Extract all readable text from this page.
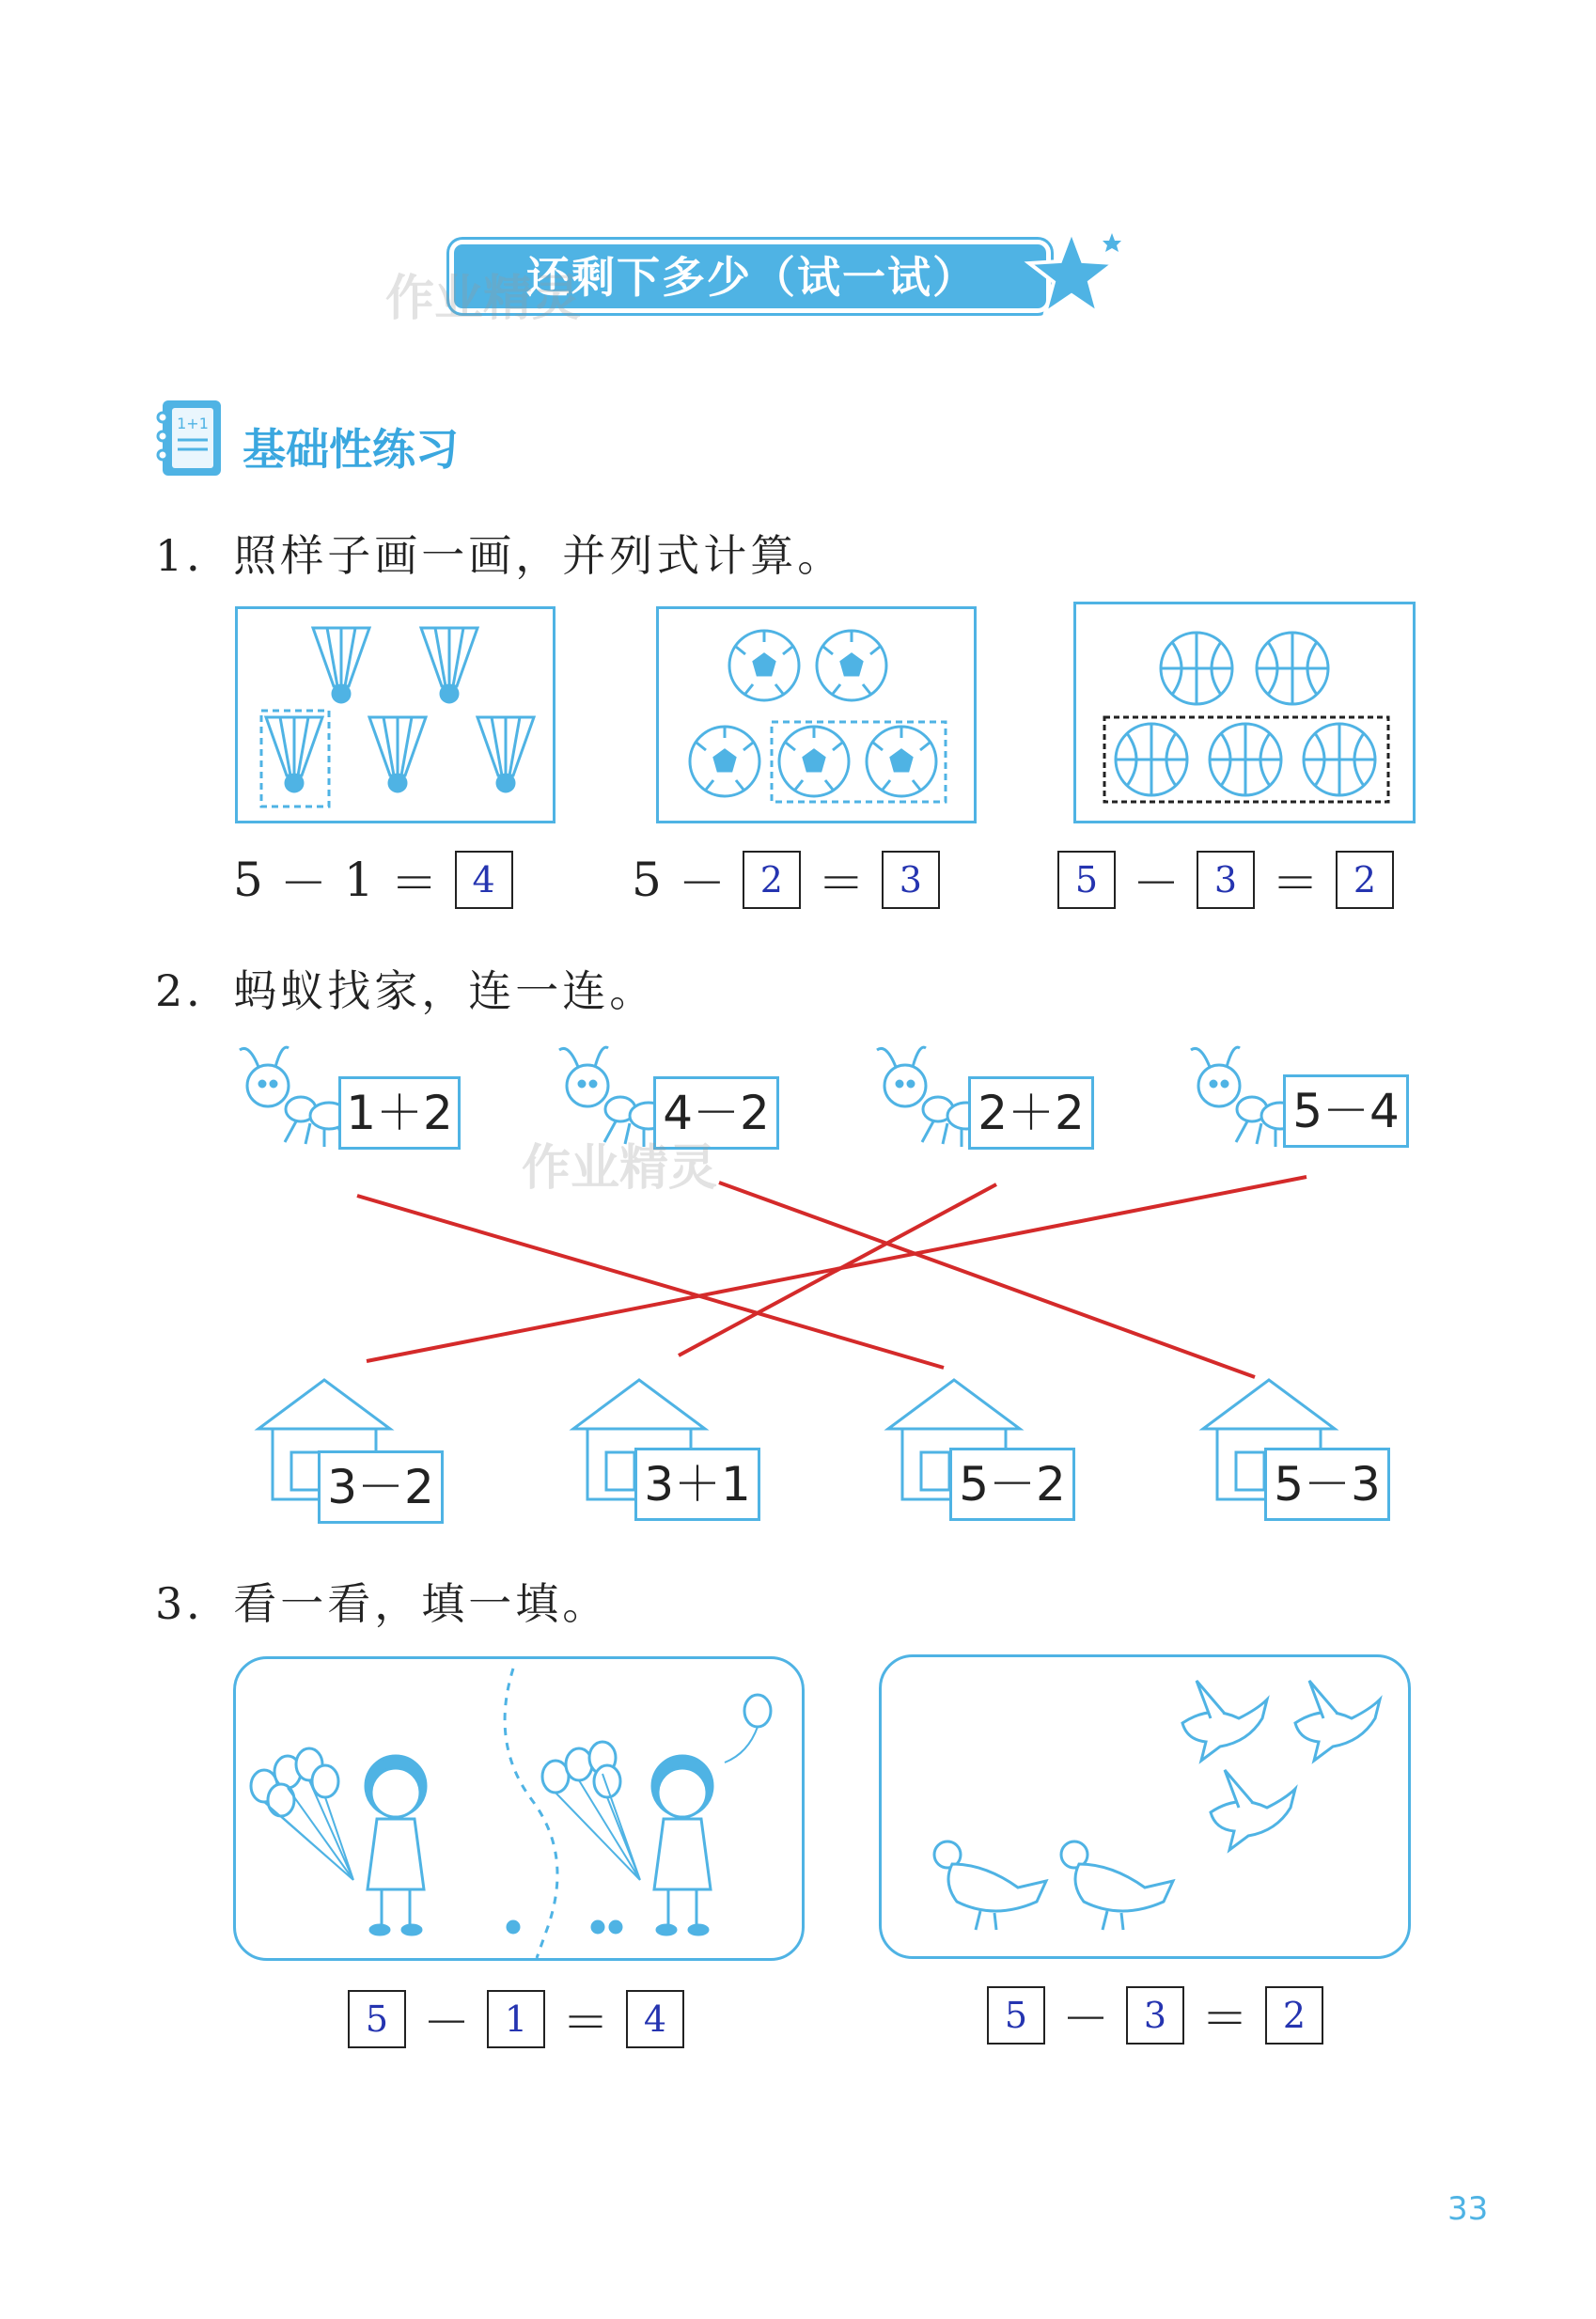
还剩下多少（试一试）
作业精灵
1+1
基础性练习
1．照样子画一画，并列式计算。
5 － 1 ＝ 4	5 － 2 ＝ 3	5 － 3 ＝ 2
2．蚂蚁找家，连一连。
1＋2	4－2	2＋2	5－4
作业精灵
3－2	3＋1	5－2	5－3
3．看一看，填一填。
5 － 1 ＝ 4	5 － 3 ＝ 2
33
